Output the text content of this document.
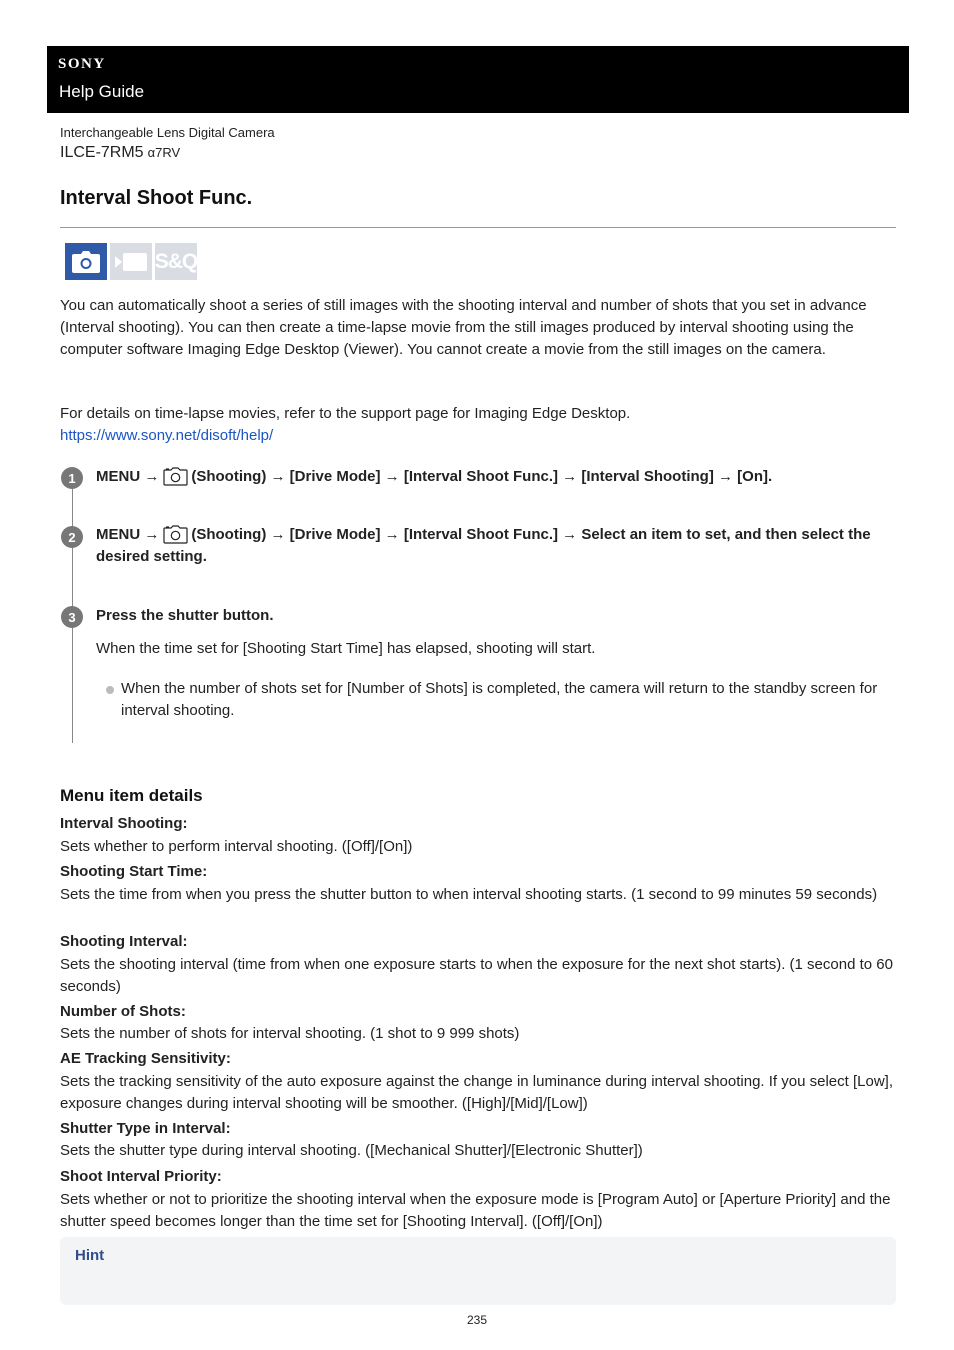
SONY
Help Guide
Interchangeable Lens Digital Camera
ILCE-7RM5 α7RV
Interval Shoot Func.
S&Q
You can automatically shoot a series of still images with the shooting interval and number of shots that you set in advance (Interval shooting). You can then create a time-lapse movie from the still images produced by interval shooting using the computer software Imaging Edge Desktop (Viewer). You cannot create a movie from the still images on the camera.
For details on time-lapse movies, refer to the support page for Imaging Edge Desktop.
https://www.sony.net/disoft/help/
1	MENU → (Shooting) → [Drive Mode] → [Interval Shoot Func.] → [Interval Shooting] → [On].
2	MENU → (Shooting) → [Drive Mode] → [Interval Shoot Func.] → Select an item to set, and then select the desired setting.
3	Press the shutter button.
When the time set for [Shooting Start Time] has elapsed, shooting will start.
When the number of shots set for [Number of Shots] is completed, the camera will return to the standby screen for interval shooting.
Menu item details
Interval Shooting:
Sets whether to perform interval shooting. ([Off]/[On])
Shooting Start Time:
Sets the time from when you press the shutter button to when interval shooting starts. (1 second to 99 minutes 59 seconds)
Shooting Interval:
Sets the shooting interval (time from when one exposure starts to when the exposure for the next shot starts). (1 second to 60 seconds)
Number of Shots:
Sets the number of shots for interval shooting. (1 shot to 9 999 shots)
AE Tracking Sensitivity:
Sets the tracking sensitivity of the auto exposure against the change in luminance during interval shooting. If you select [Low], exposure changes during interval shooting will be smoother. ([High]/[Mid]/[Low])
Shutter Type in Interval:
Sets the shutter type during interval shooting. ([Mechanical Shutter]/[Electronic Shutter])
Shoot Interval Priority:
Sets whether or not to prioritize the shooting interval when the exposure mode is [Program Auto] or [Aperture Priority] and the shutter speed becomes longer than the time set for [Shooting Interval]. ([Off]/[On])
Hint
235
